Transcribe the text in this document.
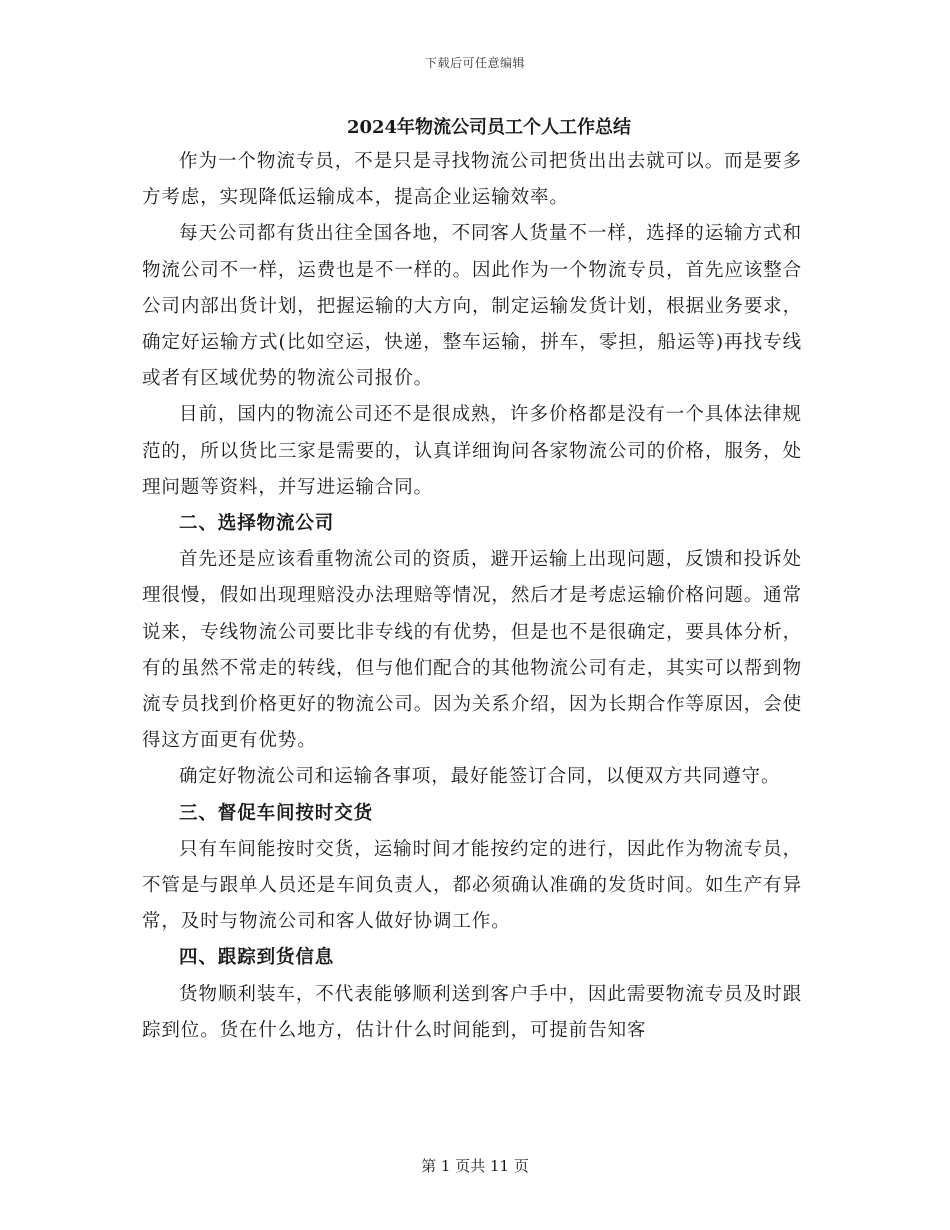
下载后可任意编辑
2024年物流公司员工个人工作总结

作为一个物流专员，不是只是寻找物流公司把货出出去就可以。而是要多方考虑，实现降低运输成本，提高企业运输效率。

每天公司都有货出往全国各地，不同客人货量不一样，选择的运输方式和物流公司不一样，运费也是不一样的。因此作为一个物流专员，首先应该整合公司内部出货计划，把握运输的大方向，制定运输发货计划，根据业务要求，确定好运输方式(比如空运，快递，整车运输，拼车，零担，船运等)再找专线或者有区域优势的物流公司报价。

目前，国内的物流公司还不是很成熟，许多价格都是没有一个具体法律规范的，所以货比三家是需要的，认真详细询问各家物流公司的价格，服务，处理问题等资料，并写进运输合同。

二、选择物流公司

首先还是应该看重物流公司的资质，避开运输上出现问题，反馈和投诉处理很慢，假如出现理赔没办法理赔等情况，然后才是考虑运输价格问题。通常说来，专线物流公司要比非专线的有优势，但是也不是很确定，要具体分析，有的虽然不常走的转线，但与他们配合的其他物流公司有走，其实可以帮到物流专员找到价格更好的物流公司。因为关系介绍，因为长期合作等原因，会使得这方面更有优势。

确定好物流公司和运输各事项，最好能签订合同，以便双方共同遵守。

三、督促车间按时交货

只有车间能按时交货，运输时间才能按约定的进行，因此作为物流专员，不管是与跟单人员还是车间负责人，都必须确认准确的发货时间。如生产有异常，及时与物流公司和客人做好协调工作。

四、跟踪到货信息

货物顺利装车，不代表能够顺利送到客户手中，因此需要物流专员及时跟踪到位。货在什么地方，估计什么时间能到，可提前告知客

第 1 页共 11 页
